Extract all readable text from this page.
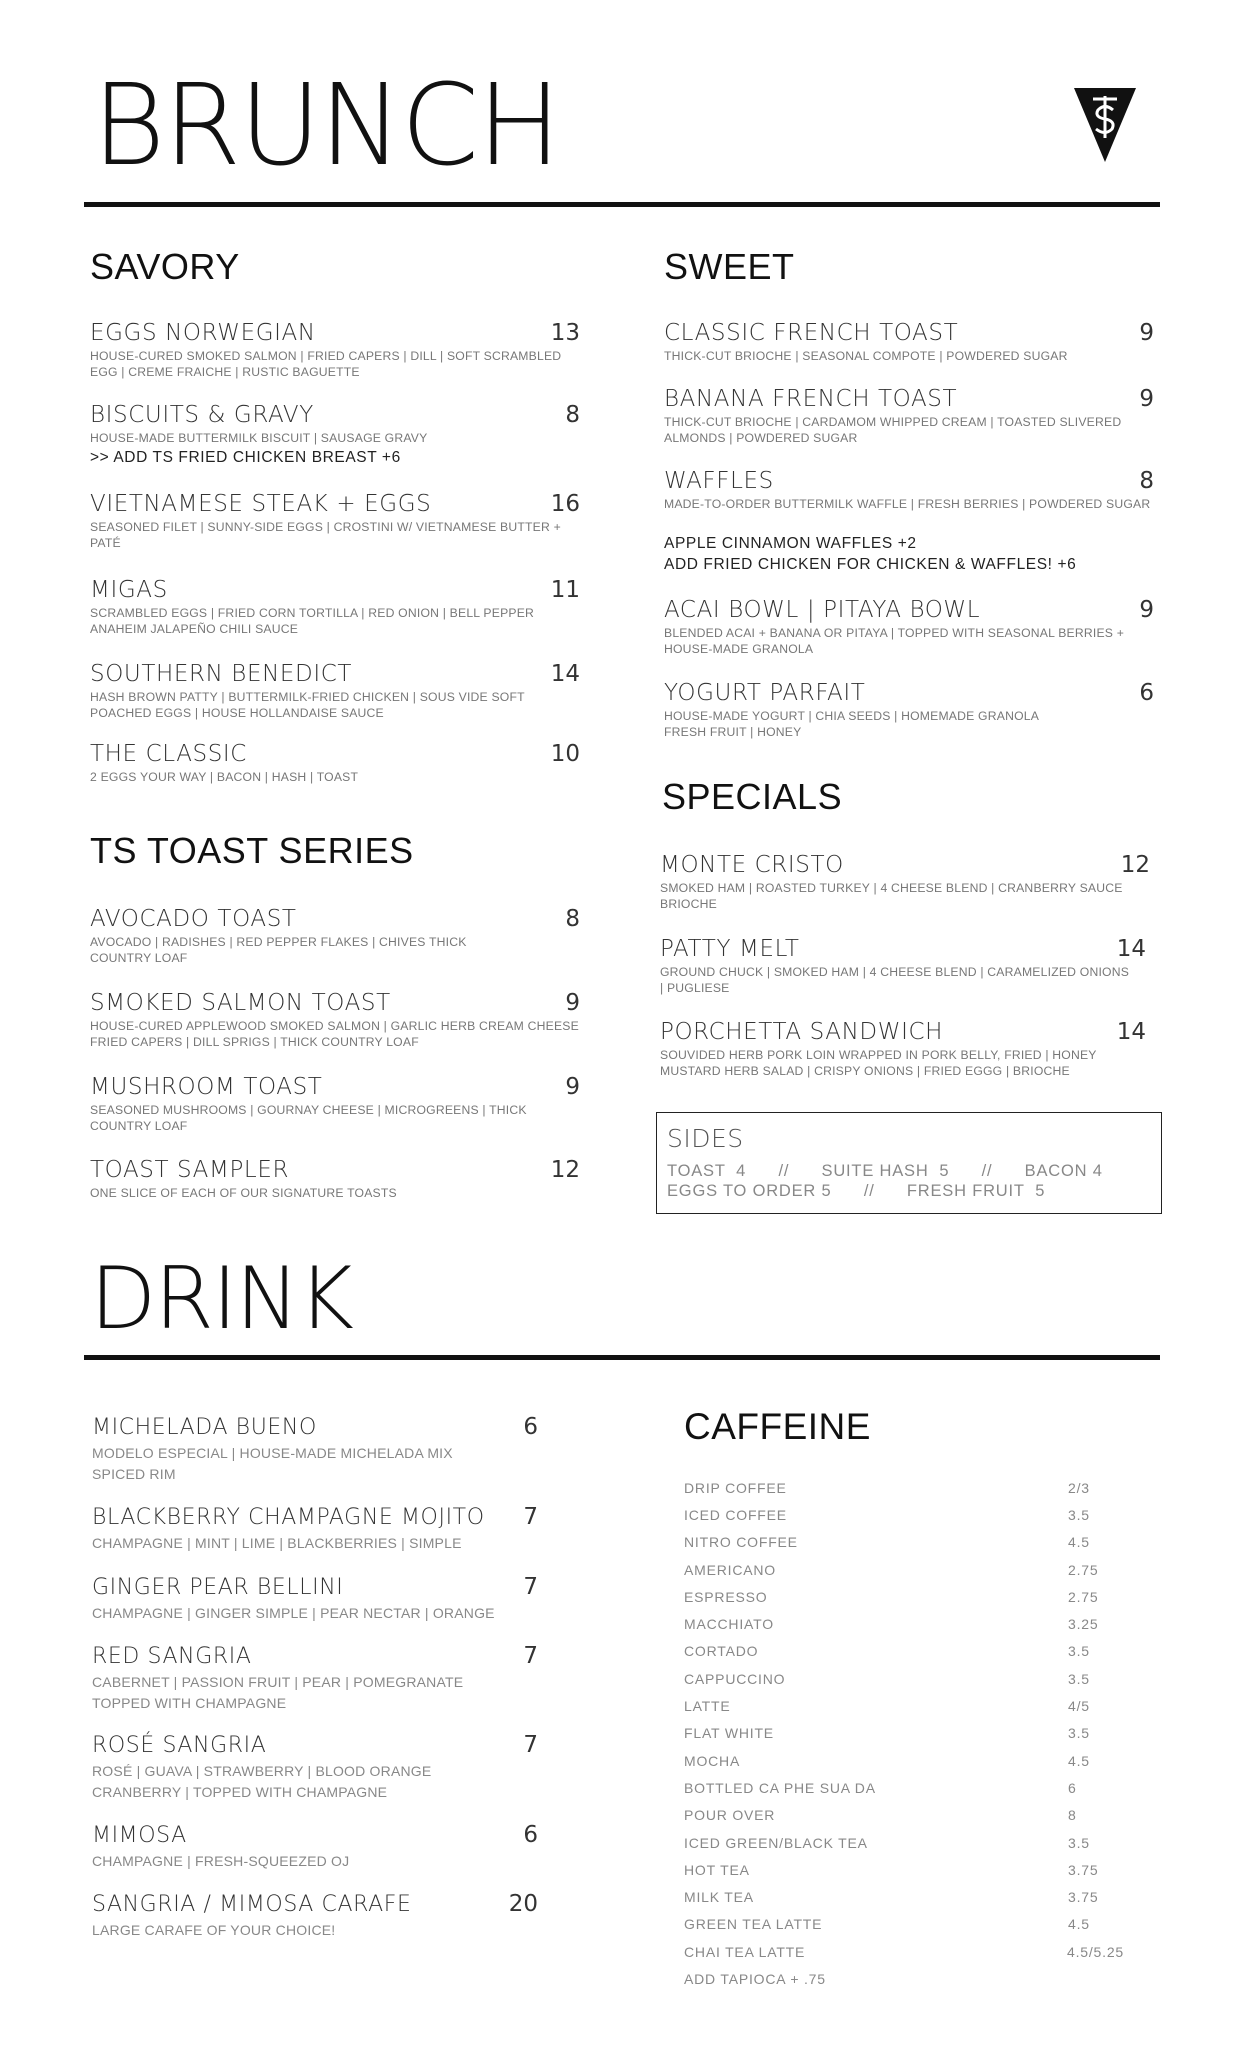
BRUNCH
SAVORY
EGGS NORWEGIAN	13
HOUSE-CURED SMOKED SALMON | FRIED CAPERS | DILL | SOFT SCRAMBLED EGG | CREME FRAICHE | RUSTIC BAGUETTE
BISCUITS & GRAVY	8
HOUSE-MADE BUTTERMILK BISCUIT | SAUSAGE GRAVY
>> ADD TS FRIED CHICKEN BREAST +6
VIETNAMESE STEAK + EGGS	16
SEASONED FILET | SUNNY-SIDE EGGS | CROSTINI W/ VIETNAMESE BUTTER + PATÉ
MIGAS	11
SCRAMBLED EGGS | FRIED CORN TORTILLA | RED ONION | BELL PEPPER ANAHEIM JALAPEÑO CHILI SAUCE
SOUTHERN BENEDICT	14
HASH BROWN PATTY | BUTTERMILK-FRIED CHICKEN | SOUS VIDE SOFT POACHED EGGS | HOUSE HOLLANDAISE SAUCE
THE CLASSIC	10
2 EGGS YOUR WAY | BACON | HASH | TOAST
TS TOAST SERIES
AVOCADO TOAST	8
AVOCADO | RADISHES | RED PEPPER FLAKES | CHIVES THICK COUNTRY LOAF
SMOKED SALMON TOAST	9
HOUSE-CURED APPLEWOOD SMOKED SALMON | GARLIC HERB CREAM CHEESE FRIED CAPERS | DILL SPRIGS | THICK COUNTRY LOAF
MUSHROOM TOAST	9
SEASONED MUSHROOMS | GOURNAY CHEESE | MICROGREENS | THICK COUNTRY LOAF
TOAST SAMPLER	12
ONE SLICE OF EACH OF OUR SIGNATURE TOASTS
SWEET
CLASSIC FRENCH TOAST	9
THICK-CUT BRIOCHE | SEASONAL COMPOTE | POWDERED SUGAR
BANANA FRENCH TOAST	9
THICK-CUT BRIOCHE | CARDAMOM WHIPPED CREAM | TOASTED SLIVERED ALMONDS | POWDERED SUGAR
WAFFLES	8
MADE-TO-ORDER BUTTERMILK WAFFLE | FRESH BERRIES | POWDERED SUGAR
APPLE CINNAMON WAFFLES +2
ADD FRIED CHICKEN FOR CHICKEN & WAFFLES! +6
ACAI BOWL | PITAYA BOWL	9
BLENDED ACAI + BANANA OR PITAYA | TOPPED WITH SEASONAL BERRIES + HOUSE-MADE GRANOLA
YOGURT PARFAIT	6
HOUSE-MADE YOGURT | CHIA SEEDS | HOMEMADE GRANOLA FRESH FRUIT | HONEY
SPECIALS
MONTE CRISTO	12
SMOKED HAM | ROASTED TURKEY | 4 CHEESE BLEND | CRANBERRY SAUCE BRIOCHE
PATTY MELT	14
GROUND CHUCK | SMOKED HAM | 4 CHEESE BLEND | CARAMELIZED ONIONS | PUGLIESE
PORCHETTA SANDWICH	14
SOUVIDED HERB PORK LOIN WRAPPED IN PORK BELLY, FRIED | HONEY MUSTARD HERB SALAD | CRISPY ONIONS | FRIED EGGG | BRIOCHE
SIDES
TOAST  4      //      SUITE HASH  5      //      BACON 4
EGGS TO ORDER 5      //      FRESH FRUIT  5
DRINK
MICHELADA BUENO	6
MODELO ESPECIAL | HOUSE-MADE MICHELADA MIX SPICED RIM
BLACKBERRY CHAMPAGNE MOJITO 7
CHAMPAGNE | MINT | LIME | BLACKBERRIES | SIMPLE
GINGER PEAR BELLINI	7
CHAMPAGNE | GINGER SIMPLE | PEAR NECTAR | ORANGE
RED SANGRIA	7
CABERNET | PASSION FRUIT | PEAR | POMEGRANATE TOPPED WITH CHAMPAGNE
ROSÉ SANGRIA	7
ROSÉ | GUAVA | STRAWBERRY | BLOOD ORANGE CRANBERRY | TOPPED WITH CHAMPAGNE
MIMOSA	6
CHAMPAGNE | FRESH-SQUEEZED OJ
SANGRIA / MIMOSA CARAFE	20
LARGE CARAFE OF YOUR CHOICE!
CAFFEINE
DRIP COFFEE	2/3
ICED COFFEE	3.5
NITRO COFFEE	4.5
AMERICANO	2.75
ESPRESSO	2.75
MACCHIATO	3.25
CORTADO	3.5
CAPPUCCINO	3.5
LATTE	4/5
FLAT WHITE	3.5
MOCHA	4.5
BOTTLED CA PHE SUA DA	6
POUR OVER	8
ICED GREEN/BLACK TEA	3.5
HOT TEA	3.75
MILK TEA	3.75
GREEN TEA LATTE	4.5
CHAI TEA LATTE	4.5/5.25
ADD TAPIOCA + .75
